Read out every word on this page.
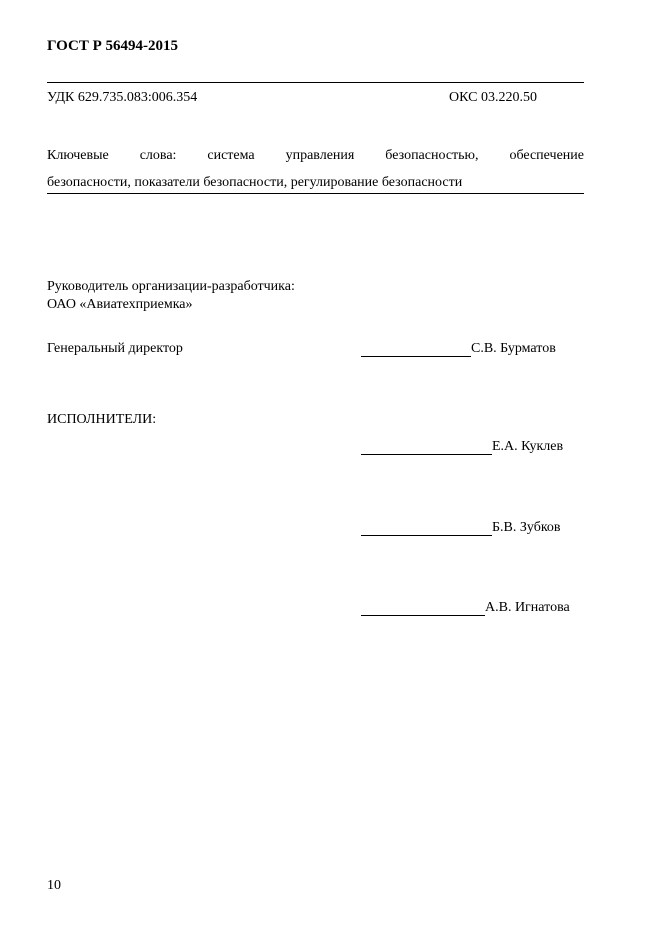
ГОСТ Р 56494-2015
УДК 629.735.083:006.354	ОКС 03.220.50
Ключевые слова: система управления безопасностью, обеспечение
безопасности, показатели безопасности, регулирование безопасности
Руководитель организации-разработчика:
ОАО «Авиатехприемка»
Генеральный директор	С.В. Бурматов
ИСПОЛНИТЕЛИ:
Е.А. Куклев
Б.В. Зубков
А.В. Игнатова
10
